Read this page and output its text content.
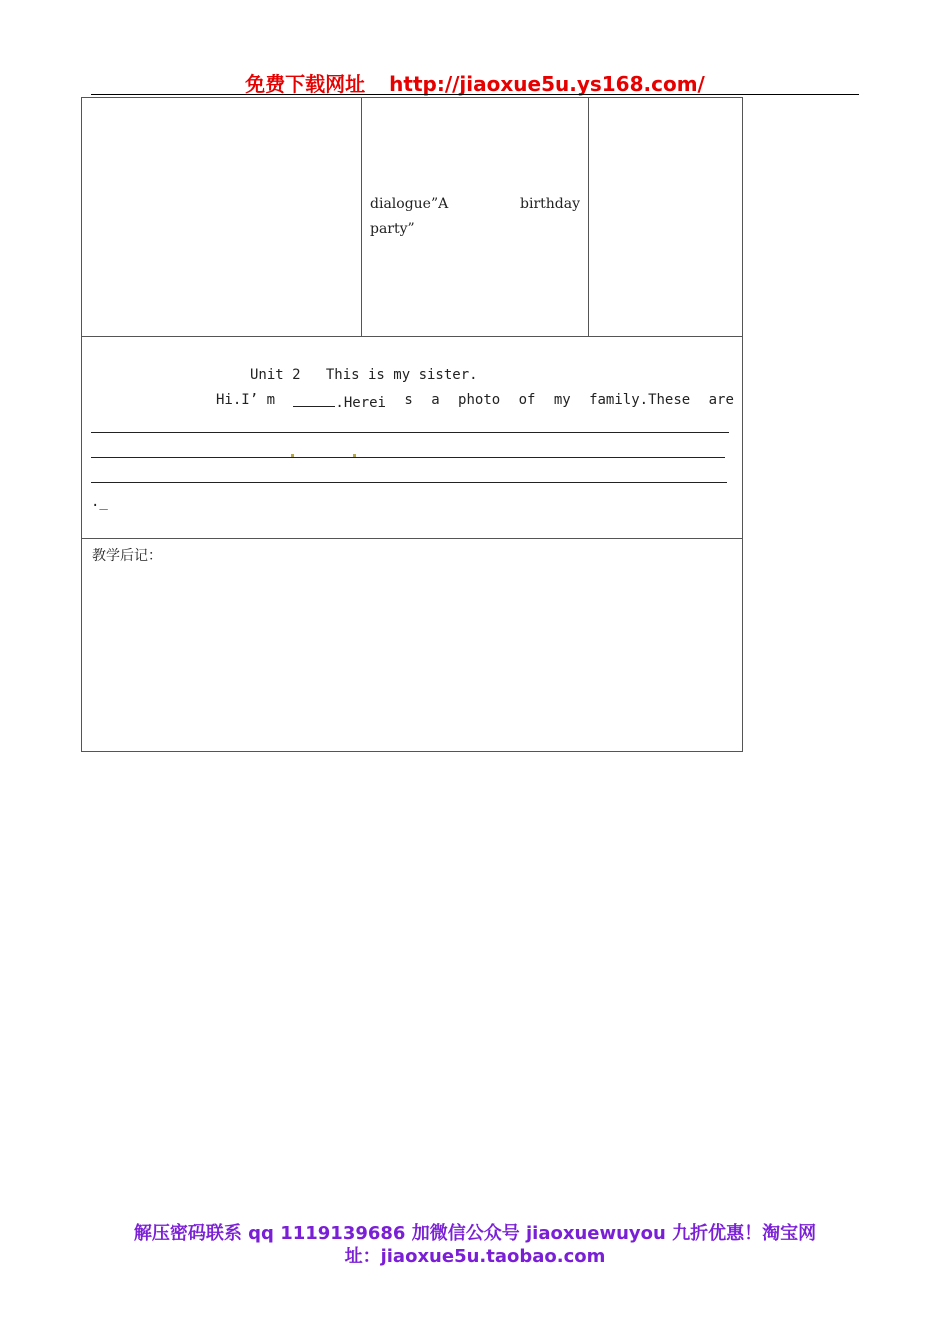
免费下载网址 http://jiaoxue5u.ys168.com/

dialogue”A	birthday
party”

Unit 2   This is my sister.
Hi.I’ m	.Herei s a photo of my family.These are
._

教学后记：
解压密码联系 qq 1119139686 加微信公众号 jiaoxuewuyou 九折优惠！淘宝网
址：jiaoxue5u.taobao.com
